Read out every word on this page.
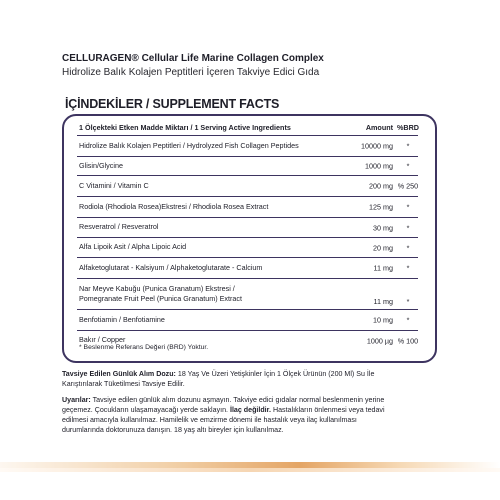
CELLURAGEN® Cellular Life Marine Collagen Complex
Hidrolize Balık Kolajen Peptitleri İçeren Takviye Edici Gıda
İÇİNDEKİLER / SUPPLEMENT FACTS
1 Ölçekteki Etken Madde Miktarı / 1 Serving Active Ingredients	Amount %BRD
Hidrolize Balık Kolajen Peptitleri / Hydrolyzed Fish Collagen Peptides	10000 mg	*
Glisin/Glycine	1000 mg	*
C Vitamini / Vitamin C	200 mg % 250
Rodiola (Rhodiola Rosea)Ekstresi / Rhodiola Rosea Extract	125 mg	*
Resveratrol / Resveratrol	30 mg	*
Alfa Lipoik Asit / Alpha Lipoic Acid	20 mg	*
Alfaketoglutarat - Kalsiyum / Alphaketoglutarate - Calcium	11 mg	*
Nar Meyve Kabuğu (Punica Granatum) Ekstresi /
Pomegranate Fruit Peel (Punica Granatum) Extract	11 mg	*
Benfotiamin / Benfotiamine	10 mg	*
Bakır / Copper	1000 µg % 100
* Beslenme Referans Değeri (BRD) Yoktur.

Tavsiye Edilen Günlük Alım Dozu: 18 Yaş Ve Üzeri Yetişkinler İçin 1 Ölçek Ürünün (200 Ml) Su İle
Karıştırılarak Tüketilmesi Tavsiye Edilir.

Uyarılar: Tavsiye edilen günlük alım dozunu aşmayın. Takviye edici gıdalar normal beslenmenin yerine
geçemez. Çocukların ulaşamayacağı yerde saklayın. İlaç değildir. Hastalıkların önlenmesi veya tedavi
edilmesi amacıyla kullanılmaz. Hamilelik ve emzirme dönemi ile hastalık veya ilaç kullanılması
durumlarında doktorunuza danışın. 18 yaş altı bireyler için kullanılmaz.
